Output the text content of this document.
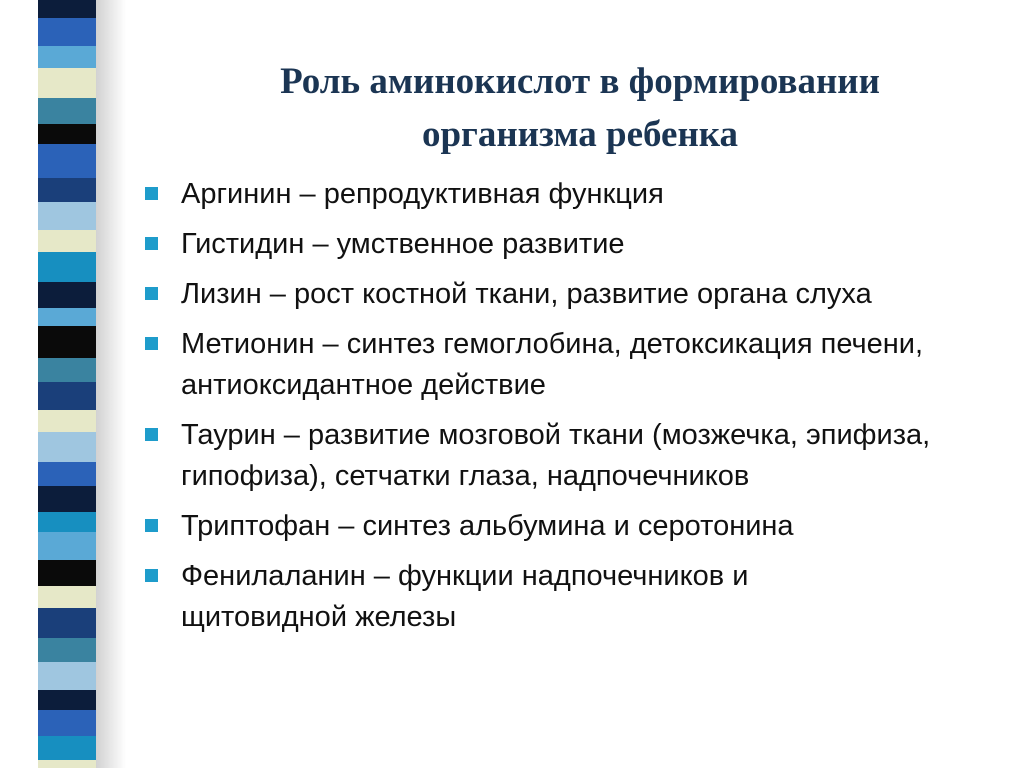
Роль аминокислот в формировании
организма ребенка
Аргинин – репродуктивная функция
Гистидин – умственное развитие
Лизин – рост костной ткани, развитие органа слуха
Метионин – синтез гемоглобина, детоксикация печени, антиоксидантное действие
Таурин – развитие мозговой ткани (мозжечка, эпифиза, гипофиза), сетчатки глаза, надпочечников
Триптофан – синтез альбумина и серотонина
Фенилаланин – функции надпочечников и щитовидной железы
